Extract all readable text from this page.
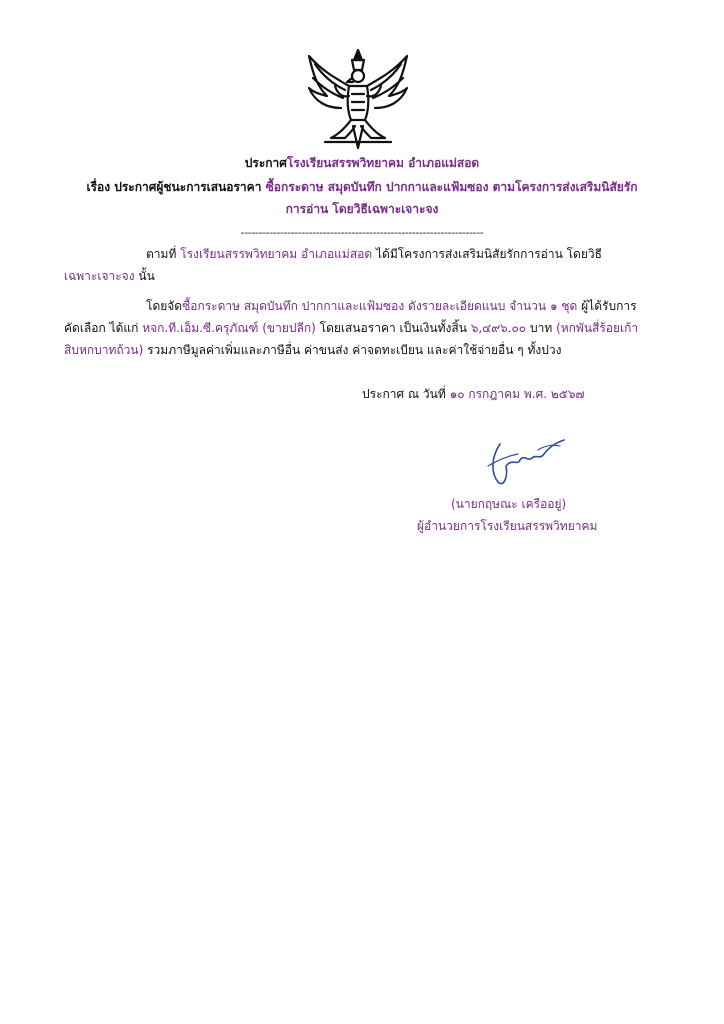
ประกาศโรงเรียนสรรพวิทยาคม อำเภอแม่สอด
เรื่อง ประกาศผู้ชนะการเสนอราคา ซื้อกระดาษ สมุดบันทึก ปากกาและแฟ้มซอง ตามโครงการส่งเสริมนิสัยรัก
การอ่าน โดยวิธีเฉพาะเจาะจง
--------------------------------------------------------------------
ตามที่ โรงเรียนสรรพวิทยาคม อำเภอแม่สอด ได้มีโครงการส่งเสริมนิสัยรักการอ่าน โดยวิธี
เฉพาะเจาะจง นั้น
โดยจัดซื้อกระดาษ สมุดบันทึก ปากกาและแฟ้มซอง ดังรายละเอียดแนบ จำนวน ๑ ชุด ผู้ได้รับการ
คัดเลือก ได้แก่ หจก.ที.เอ็ม.ซี.ครุภัณฑ์ (ขายปลีก) โดยเสนอราคา เป็นเงินทั้งสิ้น ๖,๔๙๖.๐๐ บาท (หกพันสี่ร้อยเก้า
สิบหกบาทถ้วน) รวมภาษีมูลค่าเพิ่มและภาษีอื่น ค่าขนส่ง ค่าจดทะเบียน และค่าใช้จ่ายอื่น ๆ ทั้งปวง
ประกาศ ณ วันที่ ๑๐ กรกฎาคม พ.ศ. ๒๕๖๗
(นายกฤษณะ เครืออยู่)
ผู้อำนวยการโรงเรียนสรรพวิทยาคม
